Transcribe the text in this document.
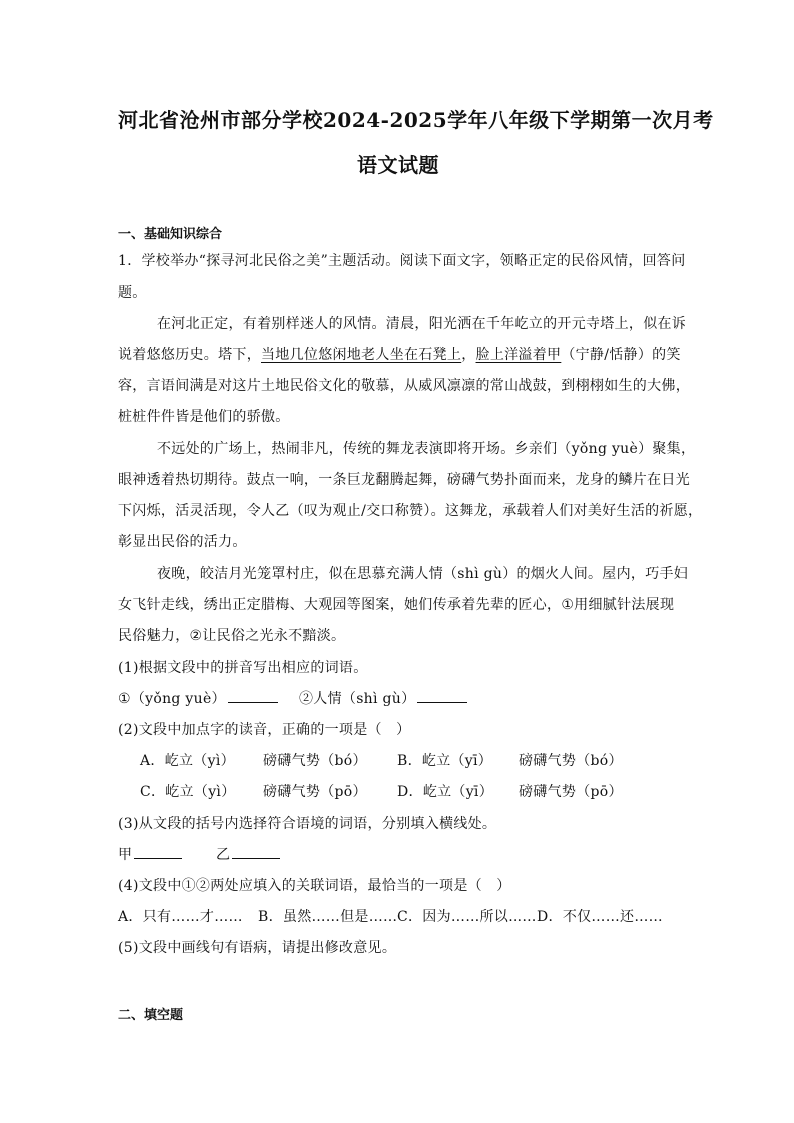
河北省沧州市部分学校2024-2025学年八年级下学期第一次月考
语文试题
一、基础知识综合
1．学校举办“探寻河北民俗之美”主题活动。阅读下面文字，领略正定的民俗风情，回答问
题。
在河北正定，有着别样迷人的风情。清晨，阳光洒在千年屹立的开元寺塔上，似在诉
说着悠悠历史。塔下，当地几位悠闲地老人坐在石凳上，脸上洋溢着甲（宁静/恬静）的笑
容，言语间满是对这片土地民俗文化的敬慕，从威风凛凛的常山战鼓，到栩栩如生的大佛，
桩桩件件皆是他们的骄傲。
不远处的广场上，热闹非凡，传统的舞龙表演即将开场。乡亲们（yǒng yuè）聚集，
眼神透着热切期待。鼓点一响，一条巨龙翻腾起舞，磅礴气势扑面而来，龙身的鳞片在日光
下闪烁，活灵活现，令人乙（叹为观止/交口称赞）。这舞龙，承载着人们对美好生活的祈愿，
彰显出民俗的活力。
夜晚，皎洁月光笼罩村庄，似在思慕充满人情（shì gù）的烟火人间。屋内，巧手妇
女飞针走线，绣出正定腊梅、大观园等图案，她们传承着先辈的匠心，①用细腻针法展现
民俗魅力，②让民俗之光永不黯淡。
(1)根据文段中的拼音写出相应的词语。
①（yǒng yuè）	②人情（shì gù）
(2)文段中加点字的读音，正确的一项是（　）
A．屹立（yì） 磅礴气势（bó） B．屹立（yī） 磅礴气势（bó）
C．屹立（yì） 磅礴气势（pō） D．屹立（yī） 磅礴气势（pō）
(3)从文段的括号内选择符合语境的词语，分别填入横线处。
甲	乙
(4)文段中①②两处应填入的关联词语，最恰当的一项是（　）
A．只有……才…… B．虽然……但是…… C．因为……所以…… D．不仅……还……
(5)文段中画线句有语病，请提出修改意见。
二、填空题
